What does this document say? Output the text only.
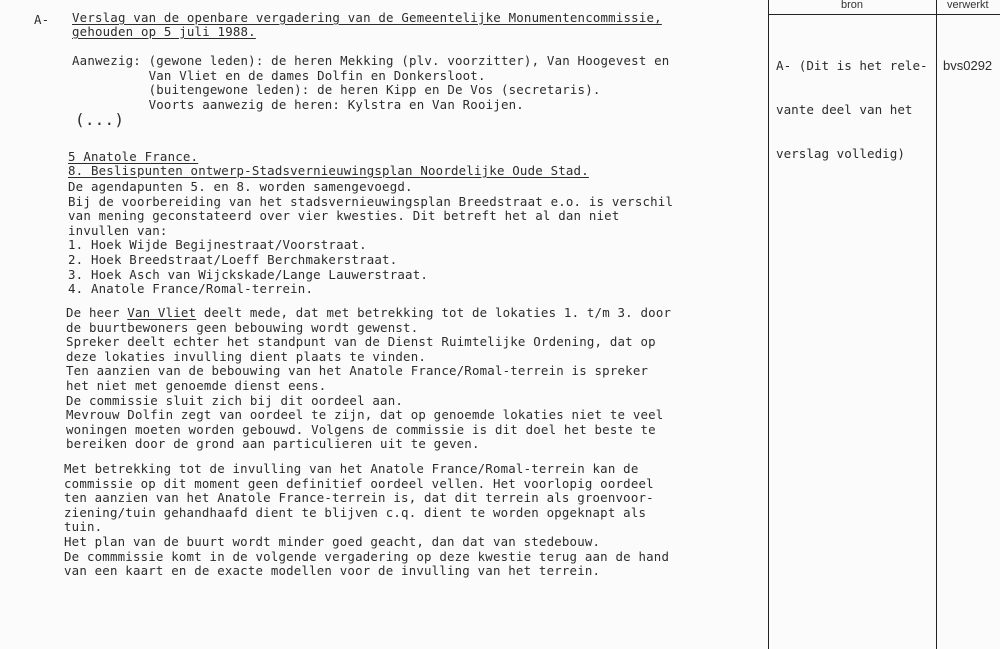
A- Verslag van de openbare vergadering van de Gemeentelijke Monumentencommissie,
gehouden op 5 juli 1988.
Aanwezig: (gewone leden): de heren Mekking (plv. voorzitter), Van Hoogevest en
Van Vliet en de dames Dolfin en Donkersloot.
(buitengewone leden): de heren Kipp en De Vos (secretaris).
Voorts aanwezig de heren: Kylstra en Van Rooijen.
(...)
5 Anatole France.
8. Beslispunten ontwerp-Stadsvernieuwingsplan Noordelijke Oude Stad.
De agendapunten 5. en 8. worden samengevoegd.
Bij de voorbereiding van het stadsvernieuwingsplan Breedstraat e.o. is verschil
van mening geconstateerd over vier kwesties. Dit betreft het al dan niet
invullen van:
1. Hoek Wijde Begijnestraat/Voorstraat.
2. Hoek Breedstraat/Loeff Berchmakerstraat.
3. Hoek Asch van Wijckskade/Lange Lauwerstraat.
4. Anatole France/Romal-terrein.
De heer Van Vliet deelt mede, dat met betrekking tot de lokaties 1. t/m 3. door
de buurtbewoners geen bebouwing wordt gewenst.
Spreker deelt echter het standpunt van de Dienst Ruimtelijke Ordening, dat op
deze lokaties invulling dient plaats te vinden.
Ten aanzien van de bebouwing van het Anatole France/Romal-terrein is spreker
het niet met genoemde dienst eens.
De commissie sluit zich bij dit oordeel aan.
Mevrouw Dolfin zegt van oordeel te zijn, dat op genoemde lokaties niet te veel
woningen moeten worden gebouwd. Volgens de commissie is dit doel het beste te
bereiken door de grond aan particulieren uit te geven.
Met betrekking tot de invulling van het Anatole France/Romal-terrein kan de
commissie op dit moment geen definitief oordeel vellen. Het voorlopig oordeel
ten aanzien van het Anatole France-terrein is, dat dit terrein als groenvoor-
ziening/tuin gehandhaafd dient te blijven c.q. dient te worden opgeknapt als
tuin.
Het plan van de buurt wordt minder goed geacht, dan dat van stedebouw.
De commmissie komt in de volgende vergadering op deze kwestie terug aan de hand
van een kaart en de exacte modellen voor de invulling van het terrein.
bron	verwerkt

A- (Dit is het rele-

vante deel van het

verslag volledig)

bvs0292
